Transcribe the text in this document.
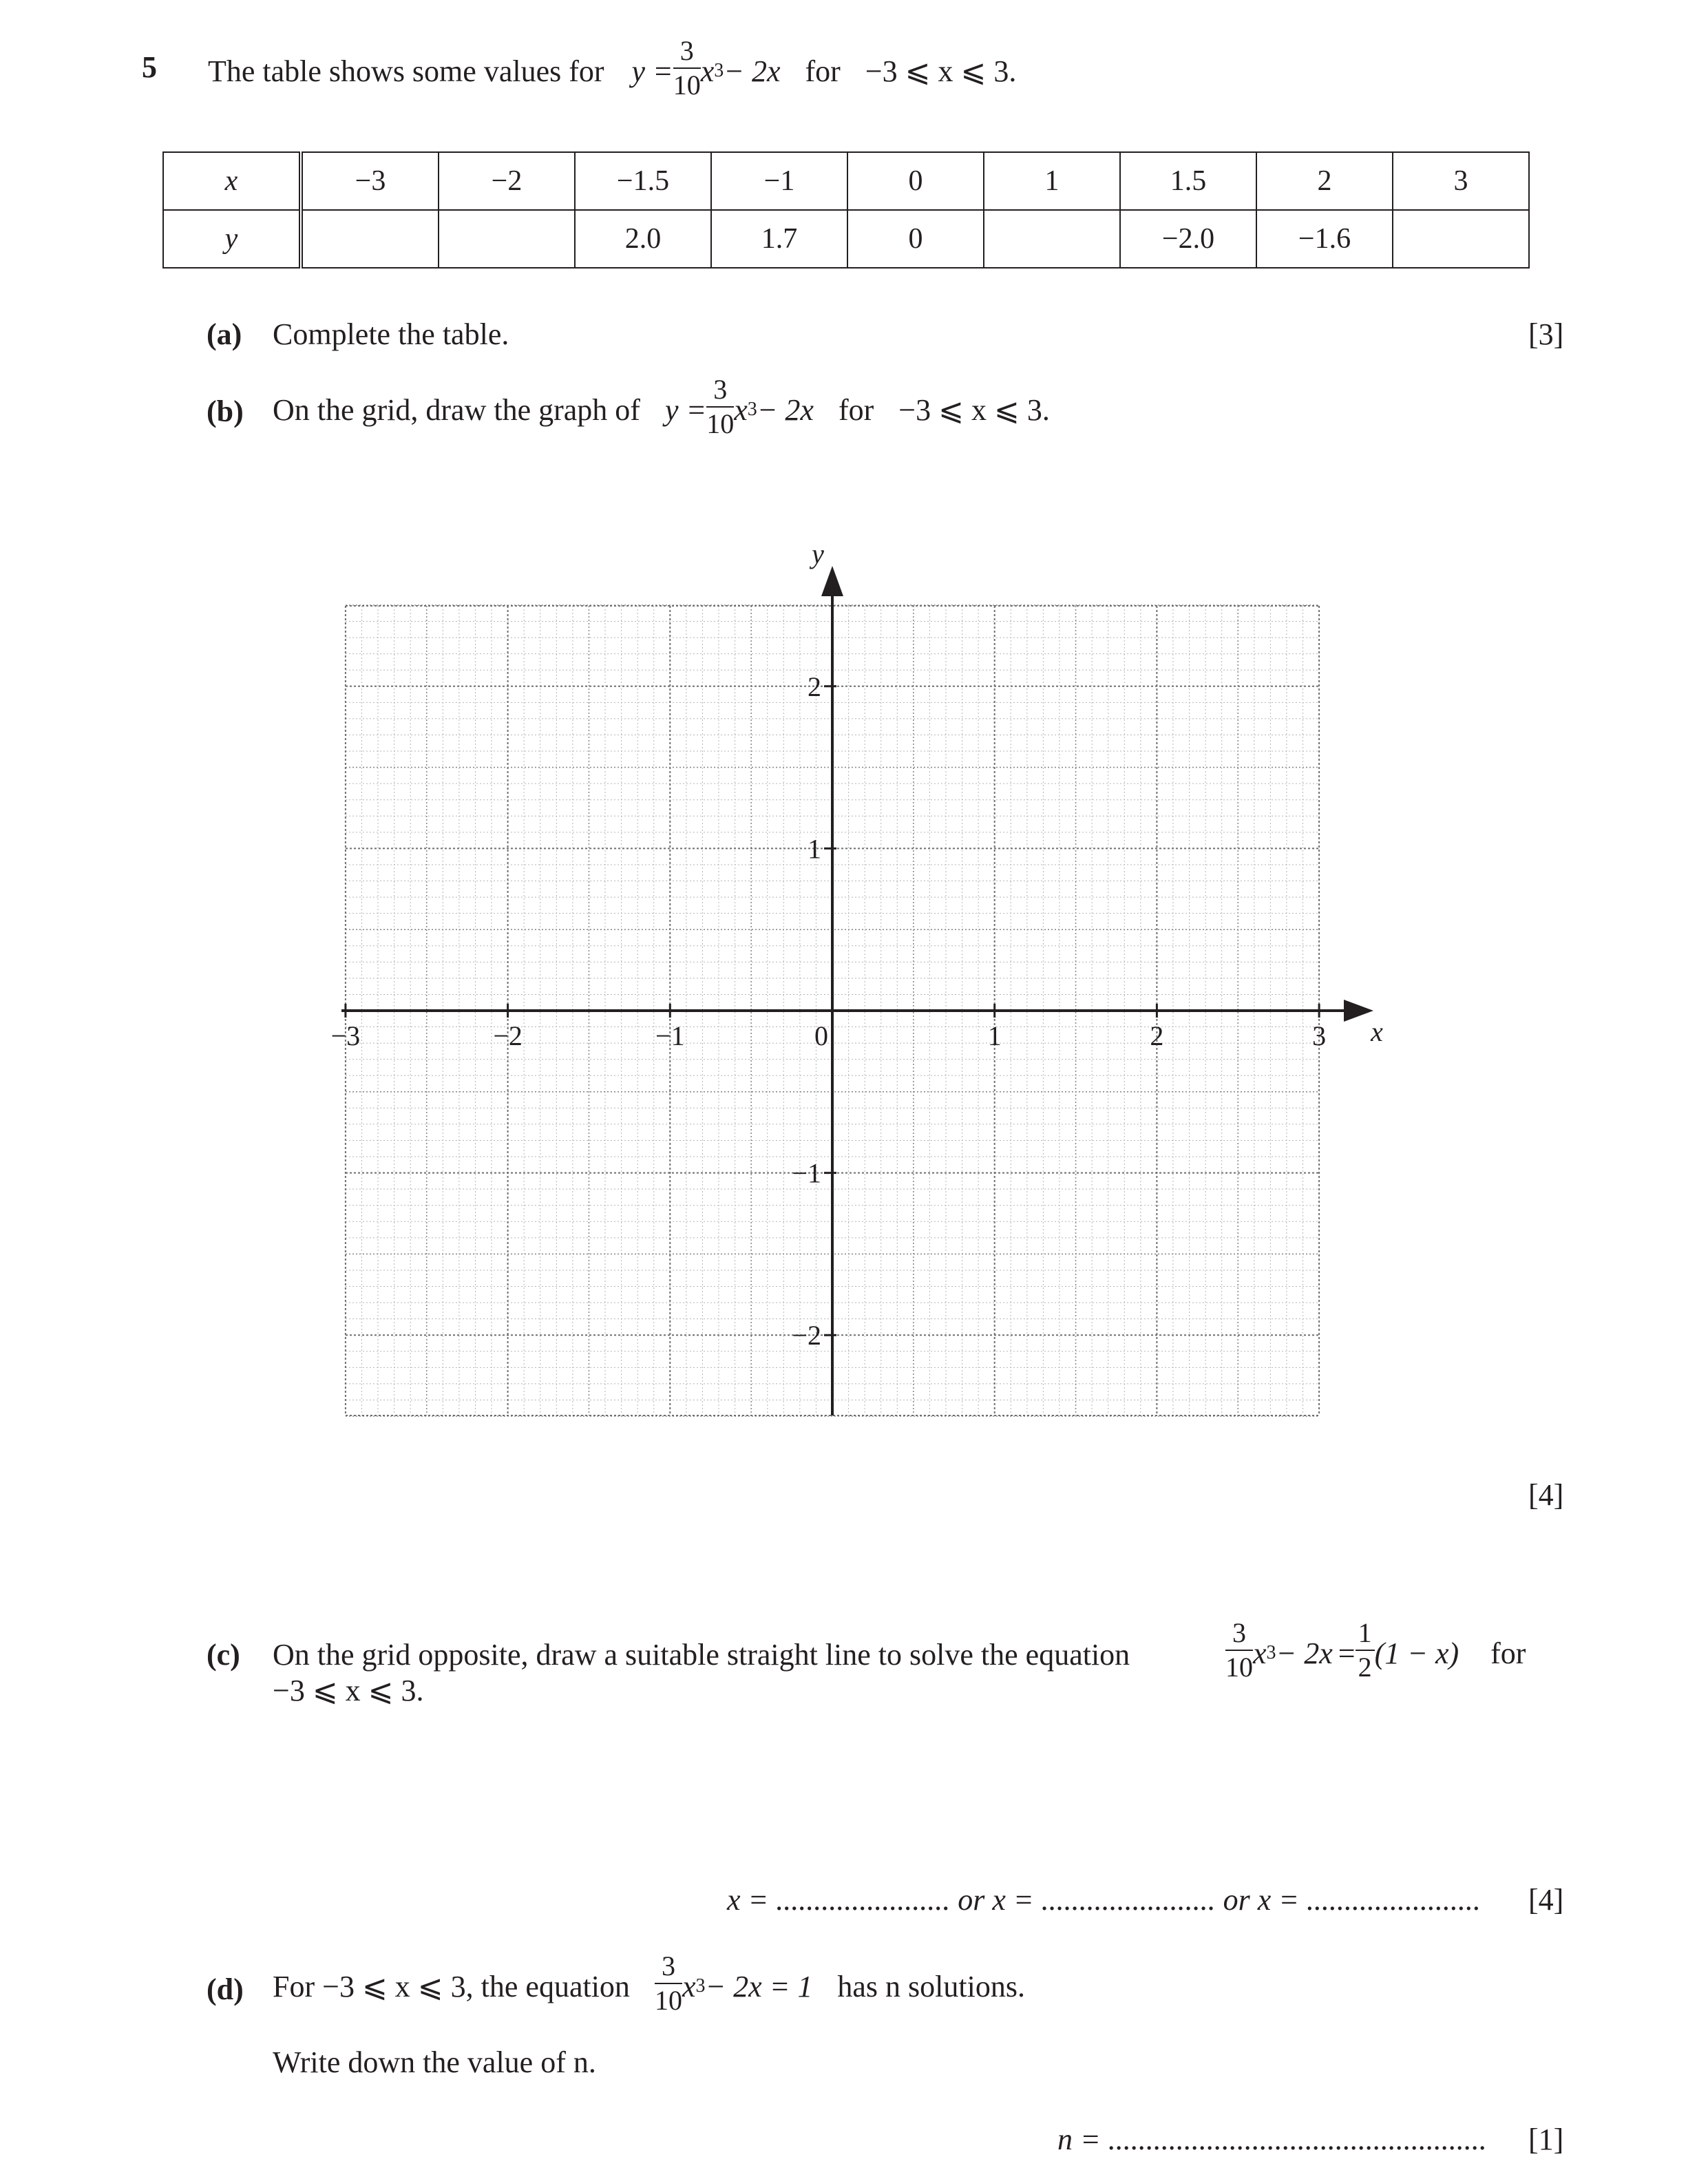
5 The table shows some values for $y = \frac{3}{10}$ x 3 − 2x for −3 ⩽ x ⩽ 3.
x	−3	−2	−1.5	−1	0	1	1.5	2	3
y			2.0	1.7	0		−2.0	−1.6	
(a) Complete the table.	[3]
(b) On the grid, draw the graph of $y = \frac{3}{10}$ x 3 − 2x for −3 ⩽ x ⩽ 3.
−3	−2	−1	0	1	2	3
2
1
−1
−2
x
y
[4]
(c) On the grid opposite, draw a suitable straight line to solve the equation	$\frac{3}{10}$ x $3 - 2x = \frac{1}{2} (1 - x)$ for
−3 ⩽ x ⩽ 3.
x = ....................... or x = ....................... or x = ....................... [4]
(d) For −3 ⩽ x ⩽ 3, the equation $\frac{3}{10}$ x 3 − 2x = 1 has n solutions.
Write down the value of n.
n = .................................................. [1]
